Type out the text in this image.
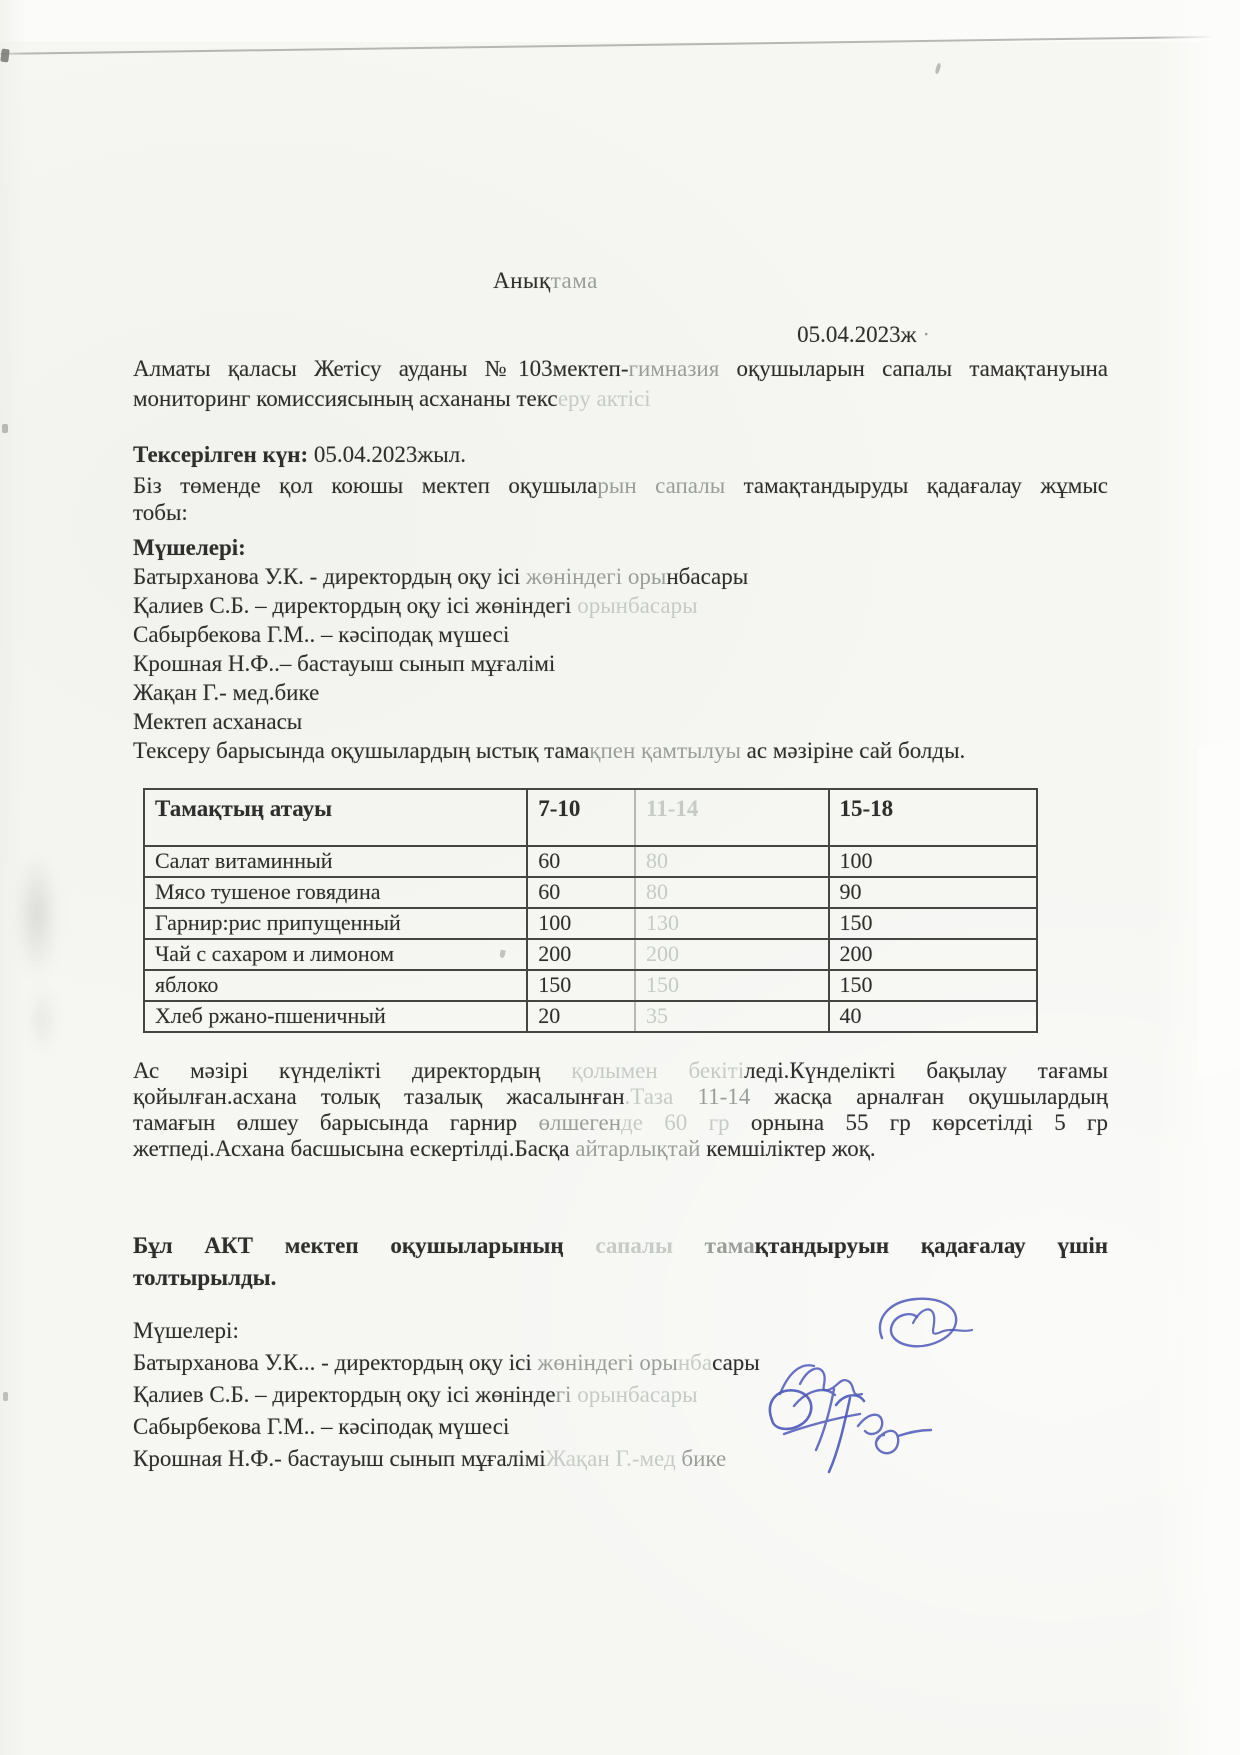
Анықтама
05.04.2023ж ·
Алматы қаласы Жетісу ауданы №103мектеп-гимназия оқушыларын сапалы тамақтануына
мониторинг комиссиясының асхананы тексеру актісі
Тексерілген күн: 05.04.2023жыл.
Біз төменде қол коюшы мектеп оқушыларын сапалы тамақтандыруды қадағалау жұмыс
тобы:
Мүшелері:
Батырханова У.К. - директордың оқу ісі жөніндегі орынбасары
Қалиев С.Б. – директордың оқу ісі жөніндегі орынбасары
Сабырбекова Г.М.. – кәсіподақ мүшесі
Крошная Н.Ф..– бастауыш сынып мұғалімі
Жақан Г.- мед.бике
Мектеп асханасы
Тексеру барысында оқушылардың ыстық тамақпен қамтылуы ас мәзіріне сай болды.
Тамақтың атауы	7-10	11-14	15-18
Салат витаминный	60	80	100
Мясо тушеное говядина	60	80	90
Гарнир:рис припущенный	100	130	150
Чай с сахаром и лимоном	200	200	200
яблоко	150	150	150
Хлеб ржано-пшеничный	20	35	40
Ас мәзірі күнделікті директордың қолымен бекітіледі.Күнделікті бақылау тағамы
қойылған.асхана толық тазалық жасалынған.Таза 11-14 жасқа арналған оқушылардың
тамағын өлшеу барысында гарнир өлшегенде 60 гр орнына 55 гр көрсетілді 5 гр
жетпеді.Асхана басшысына ескертілді.Басқа айтарлықтай кемшіліктер жоқ.
Бұл АКТ мектеп оқушыларының сапалы тамақтандыруын қадағалау үшін
толтырылды.
Мүшелері:
Батырханова У.К... - директордың оқу ісі жөніндегі орынбасары
Қалиев С.Б. – директордың оқу ісі жөніндегі орынбасары
Сабырбекова Г.М.. – кәсіподақ мүшесі
Крошная Н.Ф.- бастауыш сынып мұғаліміЖақан Г.-мед бике
